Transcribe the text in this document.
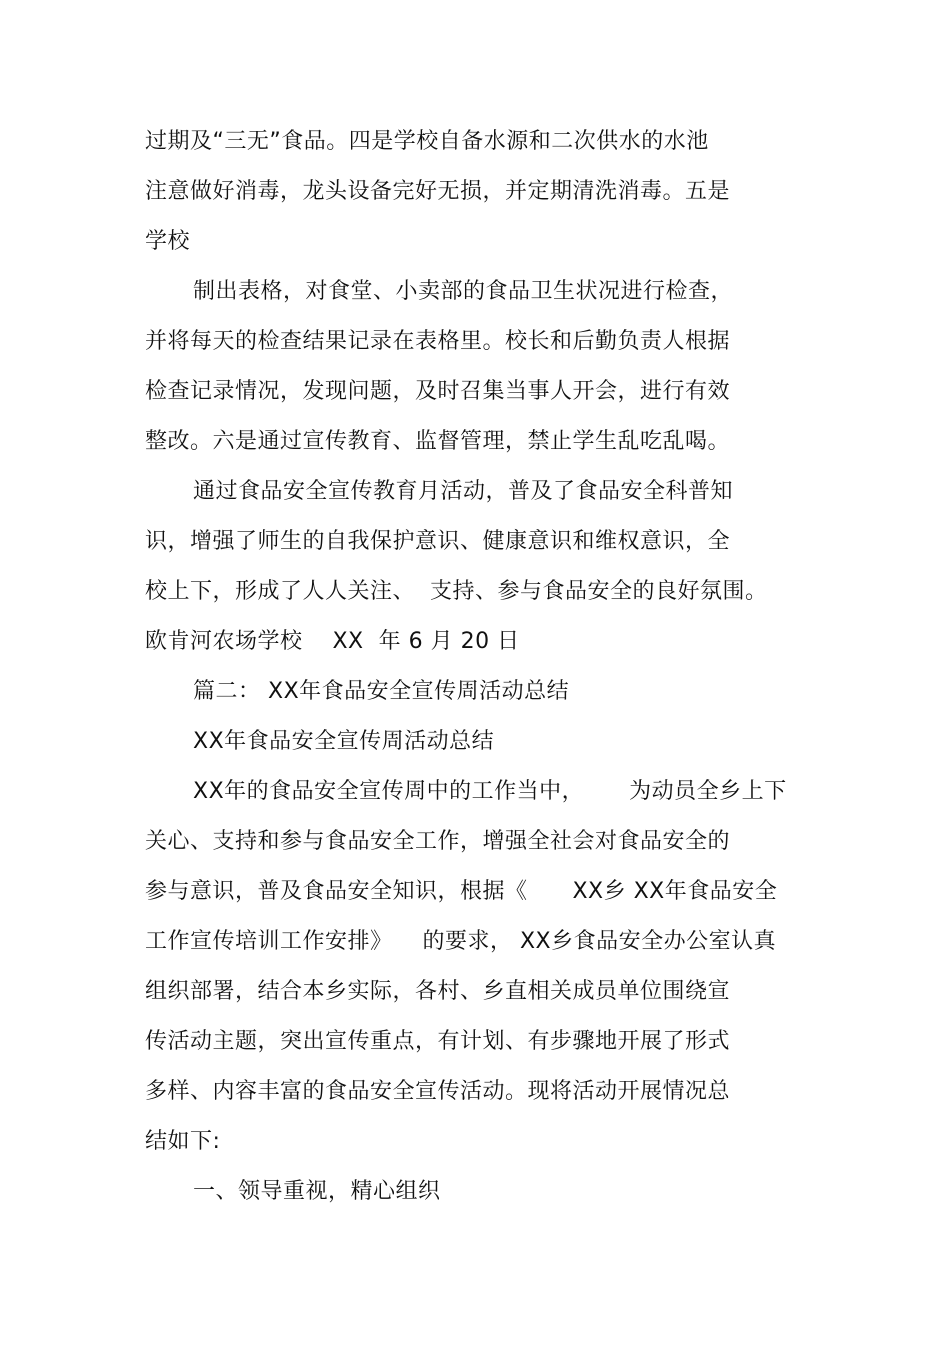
过期及“三无”食品。四是学校自备水源和二次供水的水池
注意做好消毒，龙头设备完好无损，并定期清洗消毒。五是
学校
制出表格，对食堂、小卖部的食品卫生状况进行检查，
并将每天的检查结果记录在表格里。校长和后勤负责人根据
检查记录情况，发现问题，及时召集当事人开会，进行有效
整改。六是通过宣传教育、监督管理，禁止学生乱吃乱喝。
通过食品安全宣传教育月活动，普及了食品安全科普知
识，增强了师生的自我保护意识、健康意识和维权意识，全
校上下，形成了人人关注、  支持、参与食品安全的良好氛围。
欧肯河农场学校    XX  年 6 月 20 日
篇二： XX年食品安全宣传周活动总结
XX年食品安全宣传周活动总结
XX年的食品安全宣传周中的工作当中，      为动员全乡上下
关心、支持和参与食品安全工作，增强全社会对食品安全的
参与意识，普及食品安全知识，根据《      XX乡 XX年食品安全
工作宣传培训工作安排》    的要求， XX乡食品安全办公室认真
组织部署，结合本乡实际，各村、乡直相关成员单位围绕宣
传活动主题，突出宣传重点，有计划、有步骤地开展了形式
多样、内容丰富的食品安全宣传活动。现将活动开展情况总
结如下:
一、领导重视，精心组织
